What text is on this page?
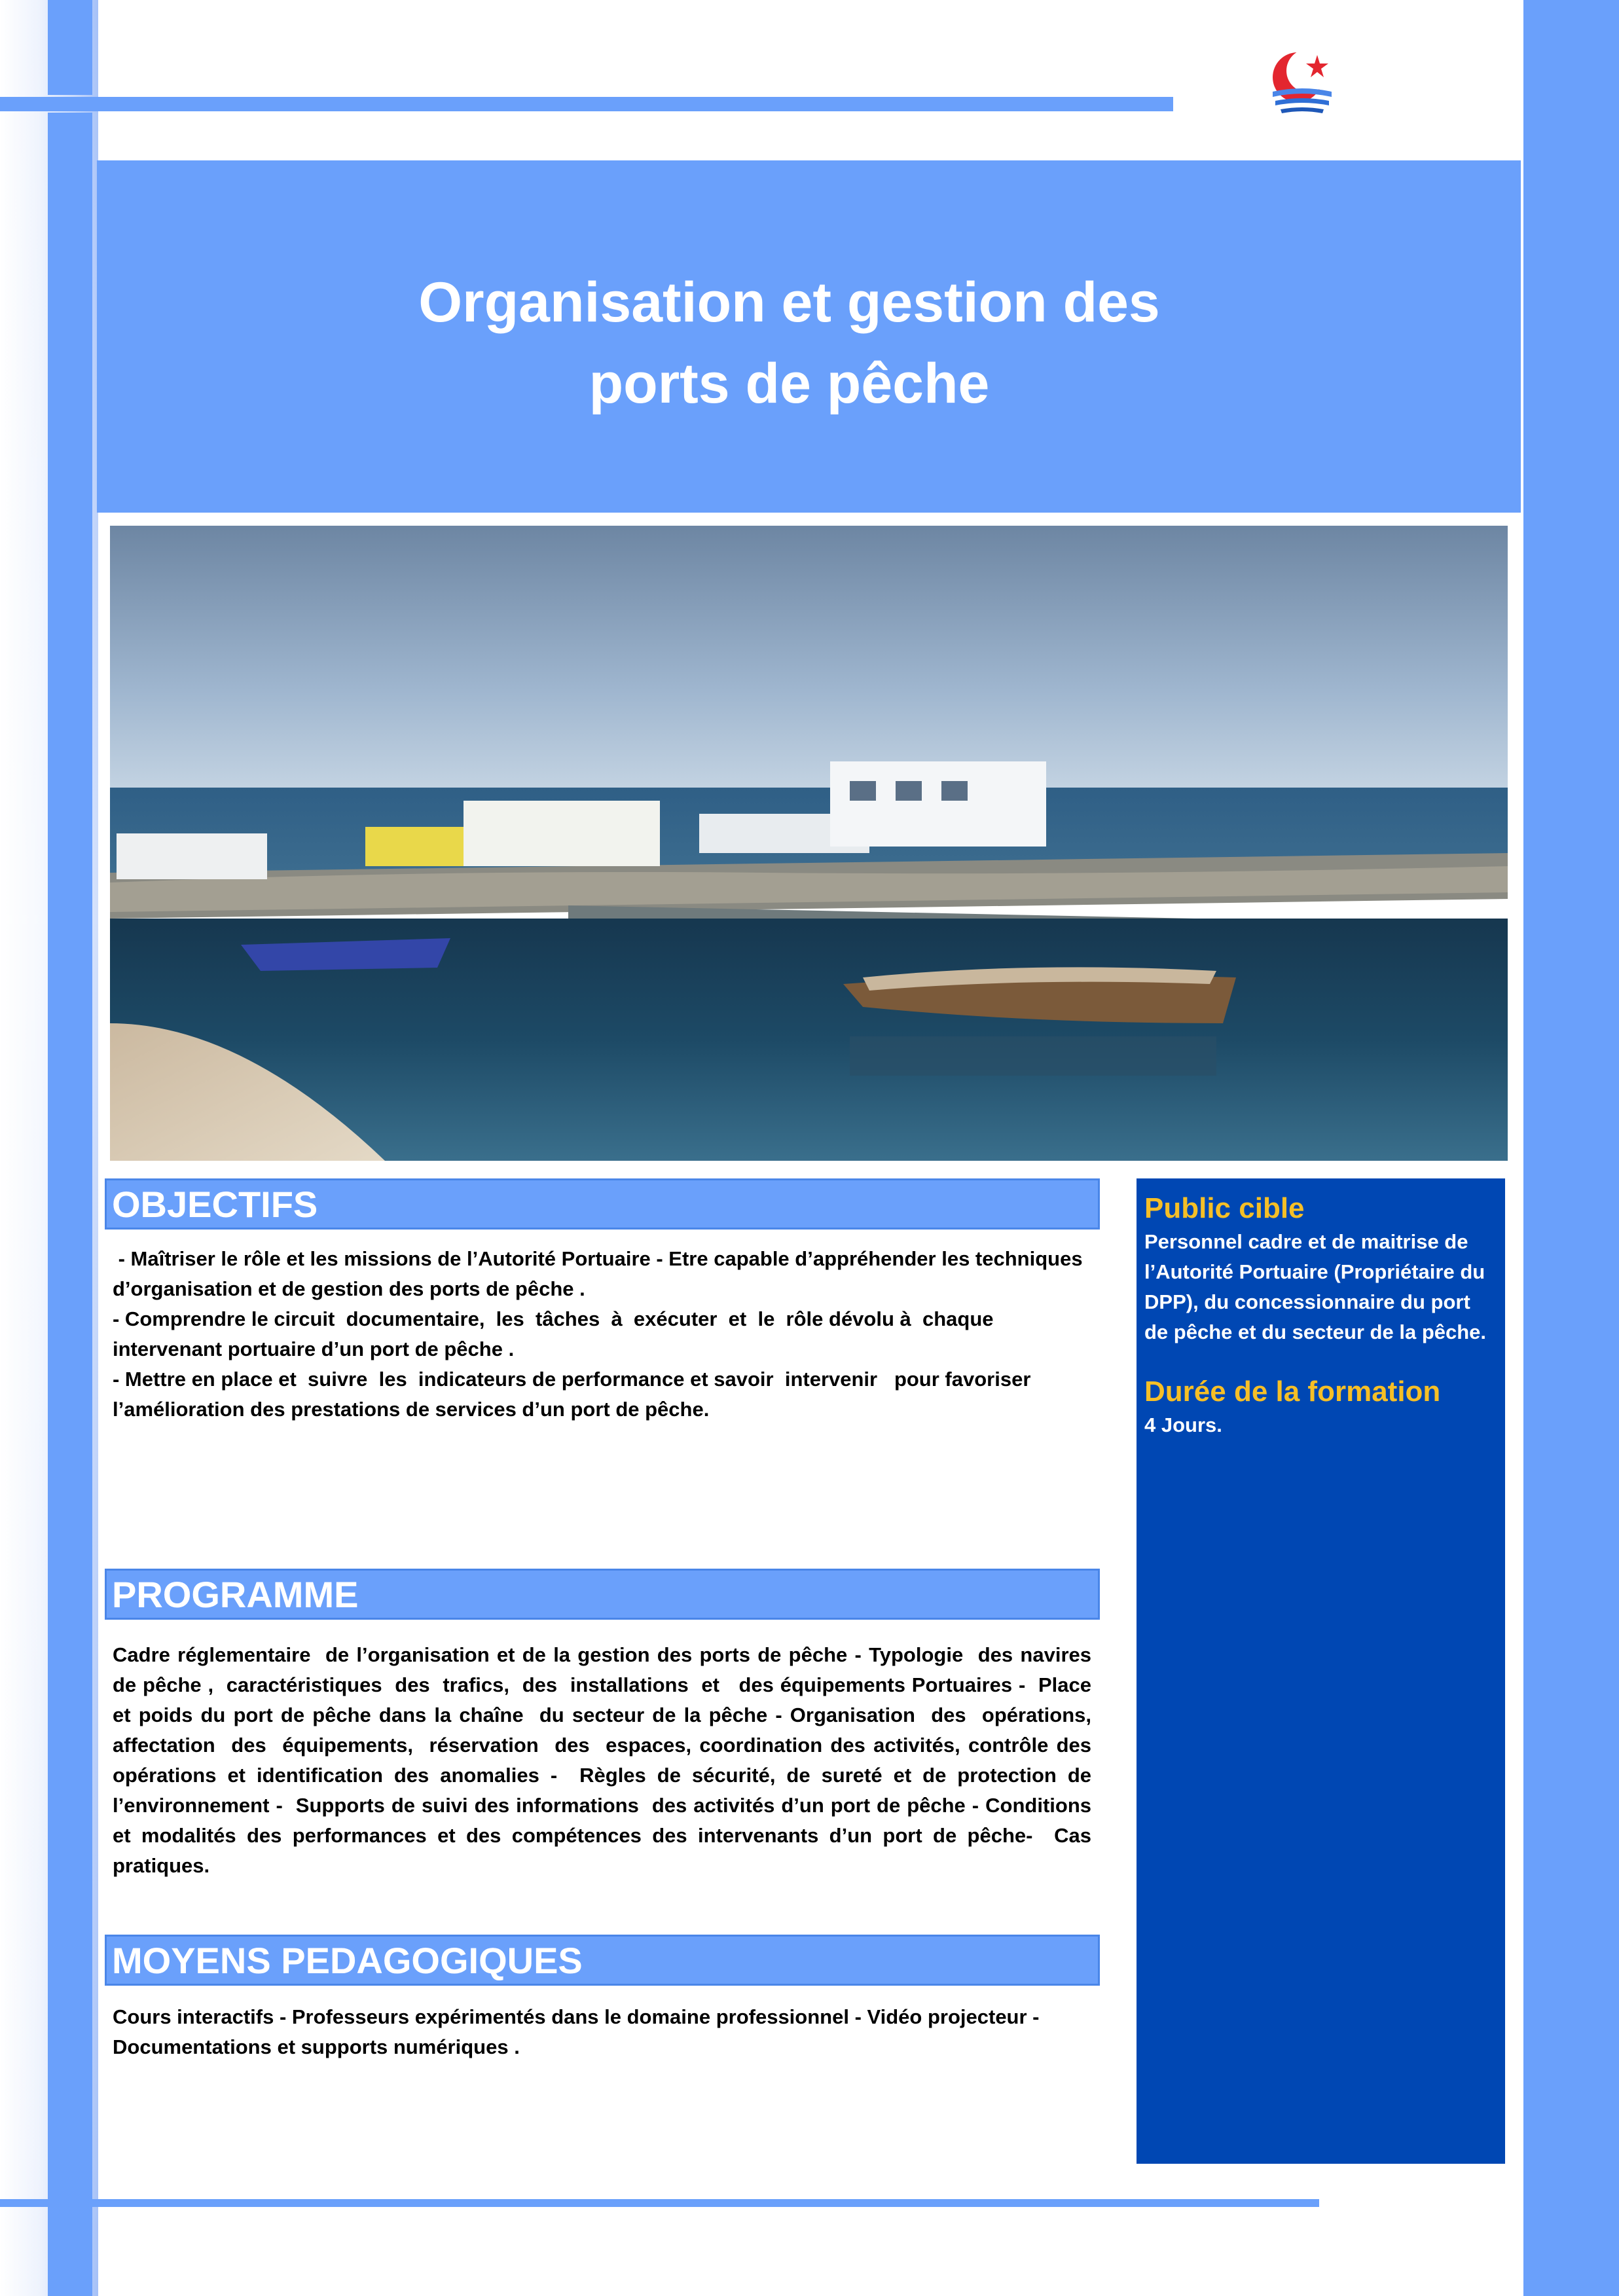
Organisation et gestion des
ports de pêche
OBJECTIFS

- Maîtriser le rôle et les missions de l’Autorité Portuaire - Etre capable d’appréhender les techniques d’organisation et de gestion des ports de pêche .

- Comprendre le circuit  documentaire,  les  tâches  à  exécuter  et  le  rôle dévolu à  chaque intervenant portuaire d’un port de pêche .

- Mettre en place et  suivre  les  indicateurs de performance et savoir  intervenir   pour favoriser l’amélioration des prestations de services d’un port de pêche.

PROGRAMME

Cadre réglementaire  de l’organisation et de la gestion des ports de pêche - Typologie  des navires  de pêche ,  caractéristiques  des  trafics,  des  installations  et   des équipements Portuaires -  Place  et poids du port de pêche dans la chaîne  du secteur de la pêche - Organisation  des  opérations,  affectation  des  équipements,  réservation  des  espaces, coordination des activités, contrôle des opérations et identification des anomalies -  Règles de sécurité, de sureté et de protection de l’environnement -  Supports de suivi des informations  des activités d’un port de pêche - Conditions et modalités des performances et des compétences des intervenants d’un port de pêche-  Cas pratiques.

MOYENS PEDAGOGIQUES

Cours interactifs - Professeurs expérimentés dans le domaine professionnel - Vidéo projecteur - Documentations et supports numériques .

Public cible

Personnel cadre et de maitrise de l’Autorité Portuaire (Propriétaire du DPP), du concessionnaire du port de pêche et du secteur de la pêche.

Durée de la formation

4 Jours.
